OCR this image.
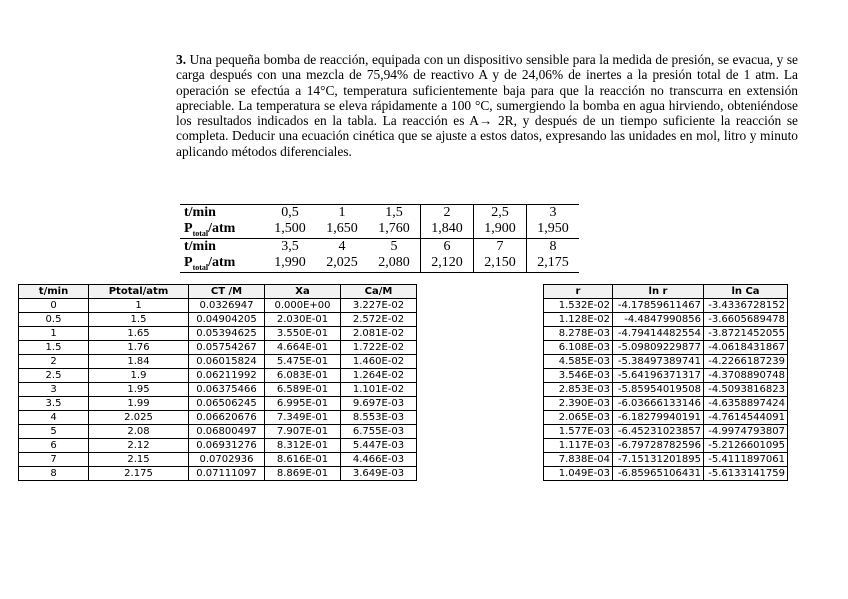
3. Una pequeña bomba de reacción, equipada con un dispositivo sensible para la medida de presión, se evacua, y se carga después con una mezcla de 75,94% de reactivo A y de 24,06% de inertes a la presión total de 1 atm. La operación se efectúa a 14°C, temperatura suficientemente baja para que la reacción no transcurra en extensión apreciable. La temperatura se eleva rápidamente a 100 °C, sumergiendo la bomba en agua hirviendo, obteniéndose los resultados indicados en la tabla. La reacción es A→ 2R, y después de un tiempo suficiente la reacción se completa. Deducir una ecuación cinética que se ajuste a estos datos, expresando las unidades en mol, litro y minuto aplicando métodos diferenciales.
t/min	0,5	1	1,5	2	2,5	3
$P_{total}$/atm	1,500	1,650	1,760	1,840	1,900	1,950
t/min	3,5	4	5	6	7	8
$P_{total}$/atm	1,990	2,025	2,080	2,120	2,150	2,175
t/min	Ptotal/atm	CT /M	Xa	Ca/M
0	1	0.0326947	0.000E+00	3.227E-02
0.5	1.5	0.04904205	2.030E-01	2.572E-02
1	1.65	0.05394625	3.550E-01	2.081E-02
1.5	1.76	0.05754267	4.664E-01	1.722E-02
2	1.84	0.06015824	5.475E-01	1.460E-02
2.5	1.9	0.06211992	6.083E-01	1.264E-02
3	1.95	0.06375466	6.589E-01	1.101E-02
3.5	1.99	0.06506245	6.995E-01	9.697E-03
4	2.025	0.06620676	7.349E-01	8.553E-03
5	2.08	0.06800497	7.907E-01	6.755E-03
6	2.12	0.06931276	8.312E-01	5.447E-03
7	2.15	0.0702936	8.616E-01	4.466E-03
8	2.175	0.07111097	8.869E-01	3.649E-03
r	ln r	ln Ca
1.532E-02	-4.17859611467	-3.4336728152
1.128E-02	-4.4847990856	-3.6605689478
8.278E-03	-4.79414482554	-3.8721452055
6.108E-03	-5.09809229877	-4.0618431867
4.585E-03	-5.38497389741	-4.2266187239
3.546E-03	-5.64196371317	-4.3708890748
2.853E-03	-5.85954019508	-4.5093816823
2.390E-03	-6.03666133146	-4.6358897424
2.065E-03	-6.18279940191	-4.7614544091
1.577E-03	-6.45231023857	-4.9974793807
1.117E-03	-6.79728782596	-5.2126601095
7.838E-04	-7.15131201895	-5.4111897061
1.049E-03	-6.85965106431	-5.6133141759
